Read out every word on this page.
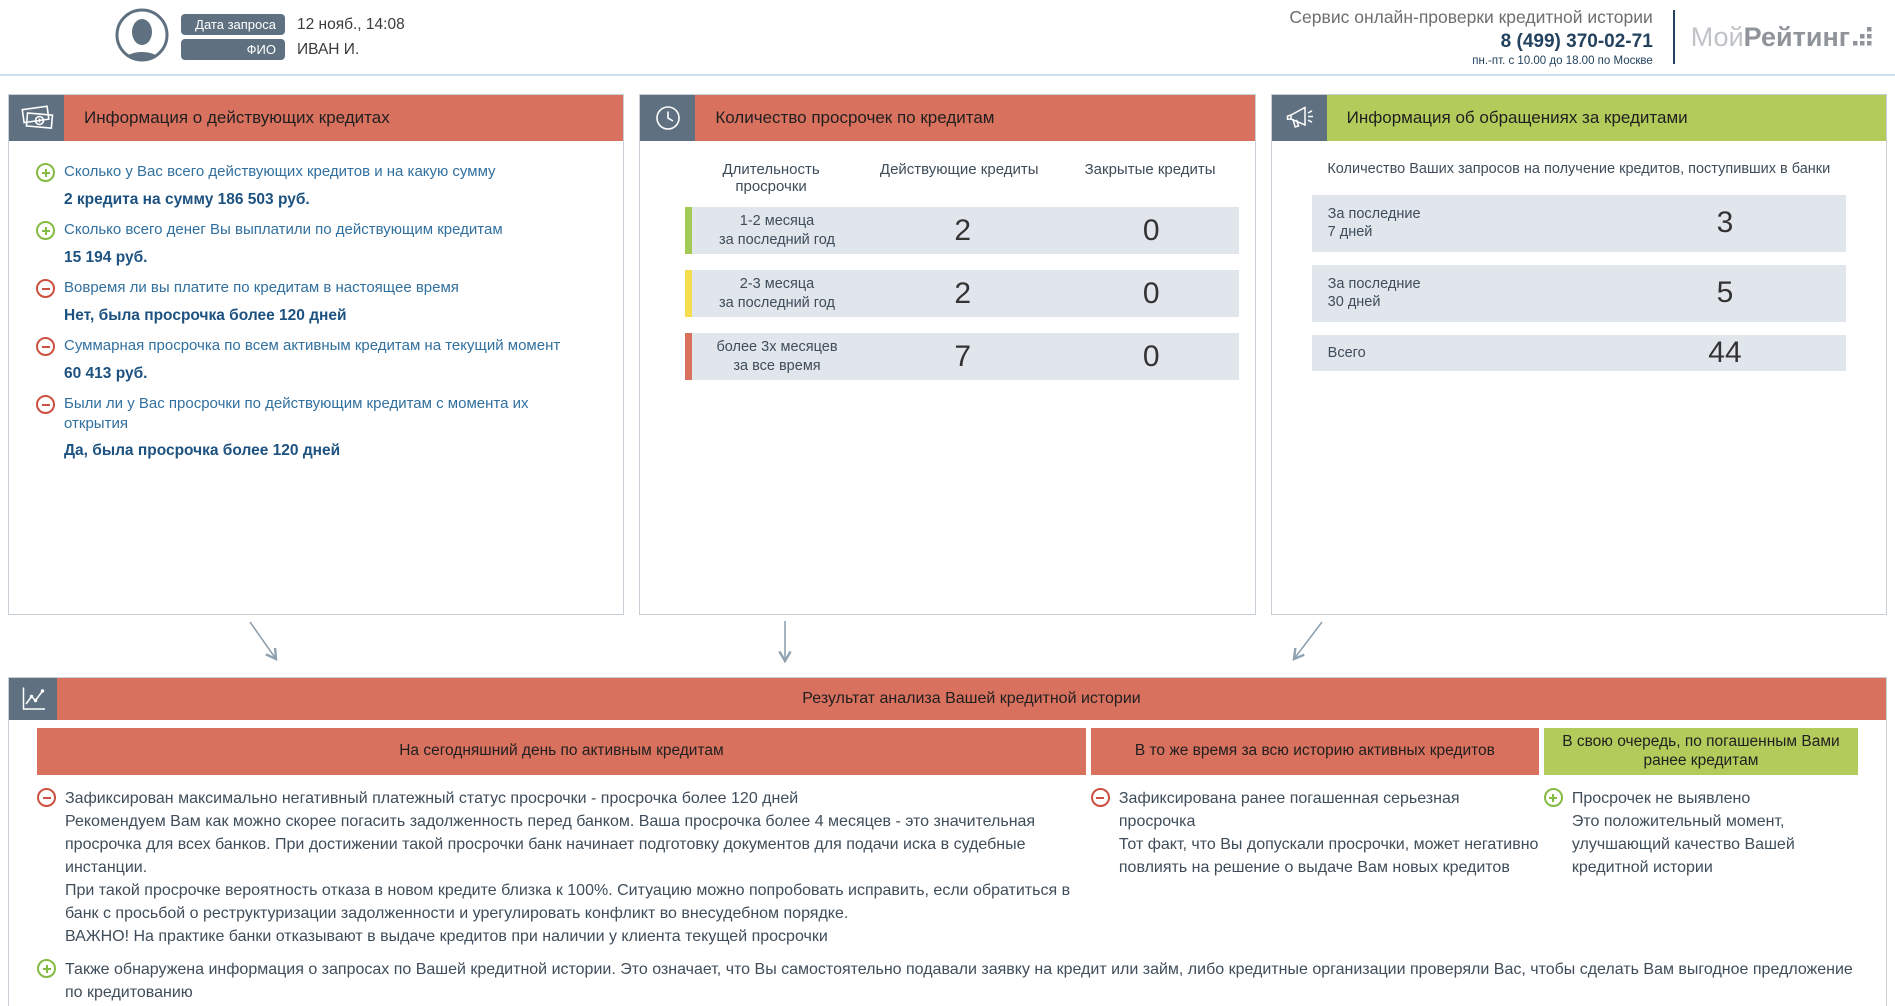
Дата запроса	12 нояб., 14:08
ФИО	ИВАН И.
Сервис онлайн-проверки кредитной истории
8 (499) 370-02-71
пн.-пт. с 10.00 до 18.00 по Москве
Мой Рейтинг
Информация о действующих кредитах
Сколько у Вас всего действующих кредитов и на какую сумму
2 кредита на сумму 186 503 руб.
Сколько всего денег Вы выплатили по действующим кредитам
15 194 руб.
Вовремя ли вы платите по кредитам в настоящее время
Нет, была просрочка более 120 дней
Суммарная просрочка по всем активным кредитам на текущий момент
60 413 руб.
Были ли у Вас просрочки по действующим кредитам с момента их открытия
Да, была просрочка более 120 дней
Количество просрочек по кредитам
Длительность просрочки
Действующие кредиты	Закрытые кредиты
1-2 месяца
за последний год	2	0
2-3 месяца
за последний год	2	0
более 3х месяцев
за все время	7	0
Информация об обращениях за кредитами
Количество Ваших запросов на получение кредитов, поступивших в банки
За последние
7 дней	3
За последние
30 дней	5
Всего	44
Результат анализа Вашей кредитной истории
На сегодняшний день по активным кредитам	В то же время за всю историю активных кредитов
В свою очередь, по погашенным Вами ранее кредитам
Зафиксирован максимально негативный платежный статус просрочки - просрочка более 120 дней
Рекомендуем Вам как можно скорее погасить задолженность перед банком. Ваша просрочка более 4 месяцев - это значительная просрочка для всех банков. При достижении такой просрочки банк начинает подготовку документов для подачи иска в судебные инстанции.
При такой просрочке вероятность отказа в новом кредите близка к 100%. Ситуацию можно попробовать исправить, если обратиться в банк с просьбой о реструктуризации задолженности и урегулировать конфликт во внесудебном порядке.
ВАЖНО! На практике банки отказывают в выдаче кредитов при наличии у клиента текущей просрочки
Зафиксирована ранее погашенная серьезная просрочка
Тот факт, что Вы допускали просрочки, может негативно повлиять на решение о выдаче Вам новых кредитов
Просрочек не выявлено
Это положительный момент, улучшающий качество Вашей кредитной истории
Также обнаружена информация о запросах по Вашей кредитной истории. Это означает, что Вы самостоятельно подавали заявку на кредит или займ, либо кредитные организации проверяли Вас, чтобы сделать Вам выгодное предложение по кредитованию
